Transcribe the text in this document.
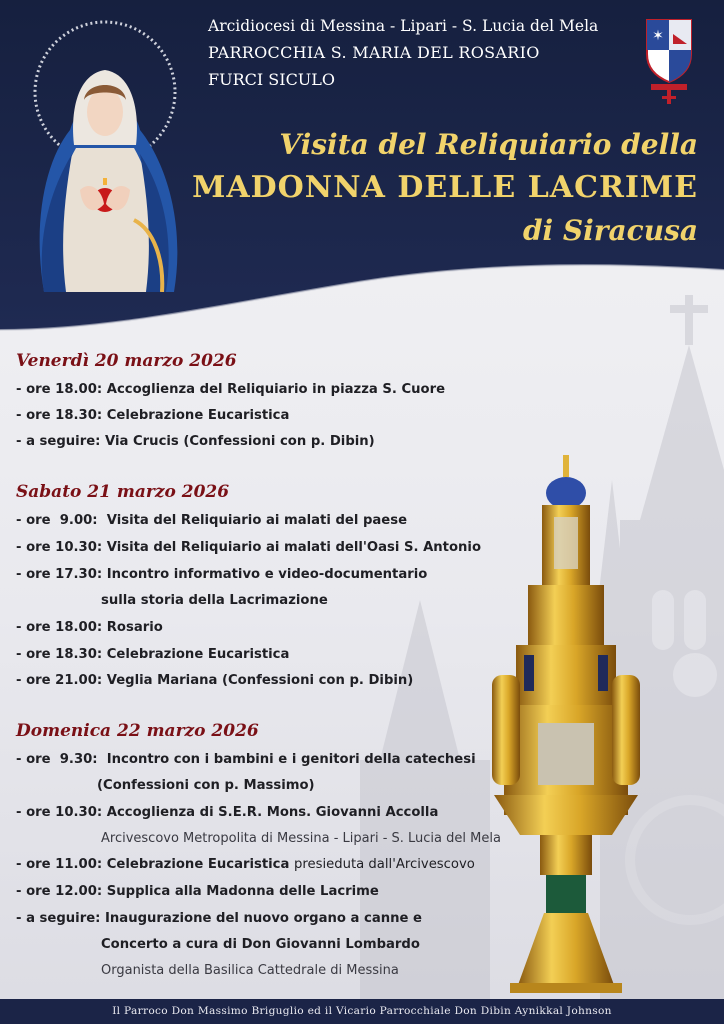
✶
Arcidiocesi di Messina - Lipari - S. Lucia del Mela
PARROCCHIA S. MARIA DEL ROSARIO
FURCI SICULO
Visita del Reliquiario della
MADONNA DELLE LACRIME
di Siracusa
Venerdì 20 marzo 2026
- ore 18.00: Accoglienza del Reliquiario in piazza S. Cuore
- ore 18.30: Celebrazione Eucaristica
- a seguire: Via Crucis (Confessioni con p. Dibin)
Sabato 21 marzo 2026
- ore  9.00: Visita del Reliquiario ai malati del paese
- ore 10.30: Visita del Reliquiario ai malati dell'Oasi S. Antonio
- ore 17.30: Incontro informativo e video-documentario
sulla storia della Lacrimazione
- ore 18.00: Rosario
- ore 18.30: Celebrazione Eucaristica
- ore 21.00: Veglia Mariana (Confessioni con p. Dibin)
Domenica 22 marzo 2026
- ore  9.30: Incontro con i bambini e i genitori della catechesi
(Confessioni con p. Massimo)
- ore 10.30: Accoglienza di S.E.R. Mons. Giovanni Accolla
Arcivescovo Metropolita di Messina - Lipari - S. Lucia del Mela
- ore 11.00: Celebrazione Eucaristica presieduta dall'Arcivescovo
- ore 12.00: Supplica alla Madonna delle Lacrime
- a seguire: Inaugurazione del nuovo organo a canne e
Concerto a cura di Don Giovanni Lombardo
Organista della Basilica Cattedrale di Messina
Il Parroco Don Massimo Briguglio ed il Vicario Parrocchiale Don Dibin Aynikkal Johnson
